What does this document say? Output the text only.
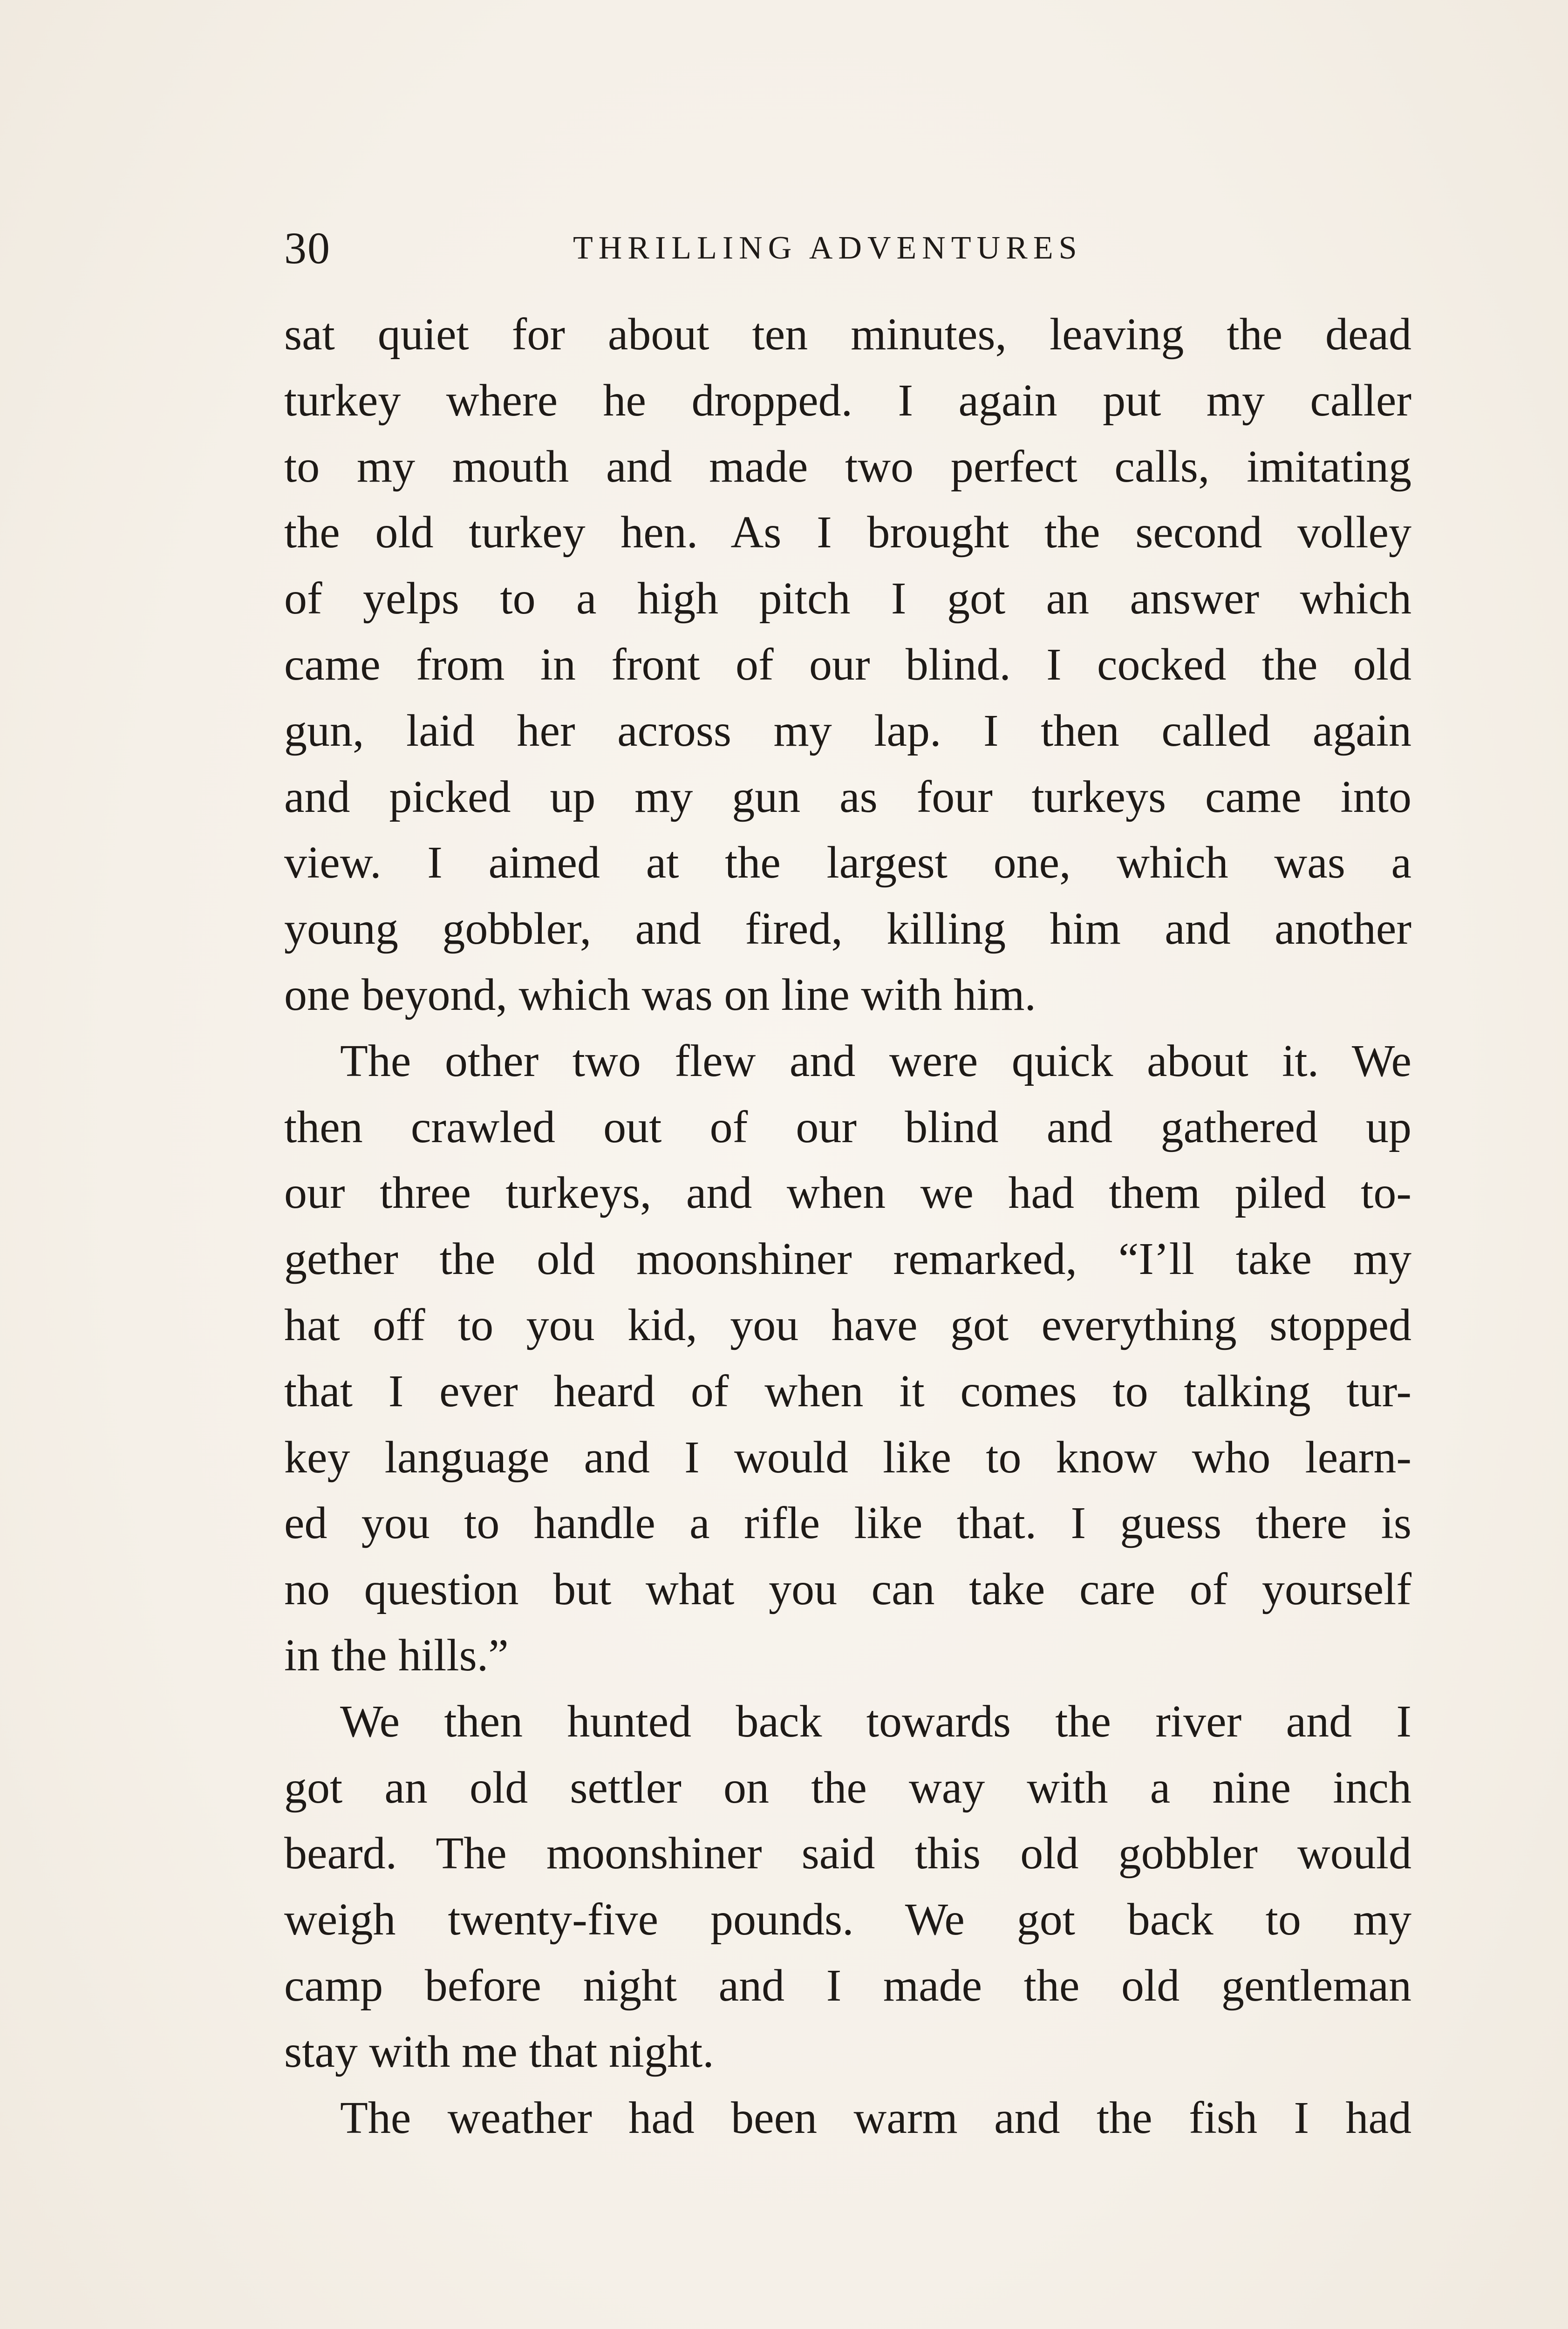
30	THRILLING ADVENTURES
sat quiet for about ten minutes, leaving the dead
turkey where he dropped. I again put my caller
to my mouth and made two perfect calls, imitating
the old turkey hen. As I brought the second volley
of yelps to a high pitch I got an answer which
came from in front of our blind. I cocked the old
gun, laid her across my lap. I then called again
and picked up my gun as four turkeys came into
view. I aimed at the largest one, which was a
young gobbler, and fired, killing him and another
one beyond, which was on line with him.
The other two flew and were quick about it. We
then crawled out of our blind and gathered up
our three turkeys, and when we had them piled to-
gether the old moonshiner remarked, “I’ll take my
hat off to you kid, you have got everything stopped
that I ever heard of when it comes to talking tur-
key language and I would like to know who learn-
ed you to handle a rifle like that. I guess there is
no question but what you can take care of yourself
in the hills.”
We then hunted back towards the river and I
got an old settler on the way with a nine inch
beard. The moonshiner said this old gobbler would
weigh twenty-five pounds. We got back to my
camp before night and I made the old gentleman
stay with me that night.
The weather had been warm and the fish I had
